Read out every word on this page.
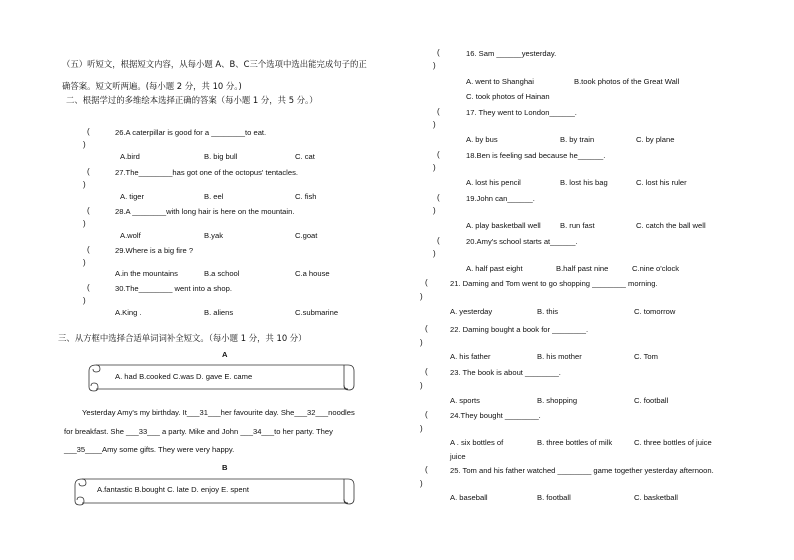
（五）听短文，根据短文内容，从每小题 A、B、C三个选项中选出能完成句子的正
确答案。短文听两遍。(每小题 2 分，共 10 分。)
二、根据学过的多维绘本选择正确的答案（每小题 1 分，共 5 分。）
(
)
26.A caterpillar is good for a ________to eat.
A.bird	B. big bull	C. cat
(
)
27.The________has got one of the octopus' tentacles.
A. tiger	B. eel	C. fish
(
)
28.A ________with long hair is here on the mountain.
A.wolf	B.yak	C.goat
(
)
29.Where is a big fire ?
A.in the mountains	B.a school	C.a house
(
)
30.The________ went into a shop.
A.King .	B. aliens	C.submarine
三、从方框中选择合适单词词补全短文。（每小题 1 分，共 10 分）
A
A. had B.cooked C.was D. gave E. came
Yesterday Amy's my birthday. It___31___her favourite day. She___32___noodles
for breakfast. She ___33___ a party. Mike and John ___34___to her party. They
___35____Amy some gifts. They were very happy.
B
A.fantastic B.bought C. late D. enjoy E. spent
(
)
16. Sam ______yesterday.
A. went to Shanghai	B.took photos of the Great Wall
C. took photos of Hainan
(
)
17. They went to London______.
A. by bus	B. by train	C. by plane
(
)
18.Ben is feeling sad because he______.
A. lost his pencil	B. lost his bag	C. lost his ruler
(
)
19.John can______.
A. play basketball well	B. run fast	C. catch the ball well
(
)
20.Amy's school starts at______.
A. half past eight	B.half past nine	C.nine o'clock
(
)
21. Daming and Tom went to go shopping ________ morning.
A. yesterday	B. this	C. tomorrow
(
)
22. Daming bought a book for ________.
A. his father	B. his mother	C. Tom
(
)
23. The book is about ________.
A. sports	B. shopping	C. football
(
)
24.They bought ________.
A . six bottles of
juice
B. three bottles of milk	C. three bottles of juice
(
)
25. Tom and his father watched ________ game together yesterday afternoon.
A. baseball	B. football	C. basketball
